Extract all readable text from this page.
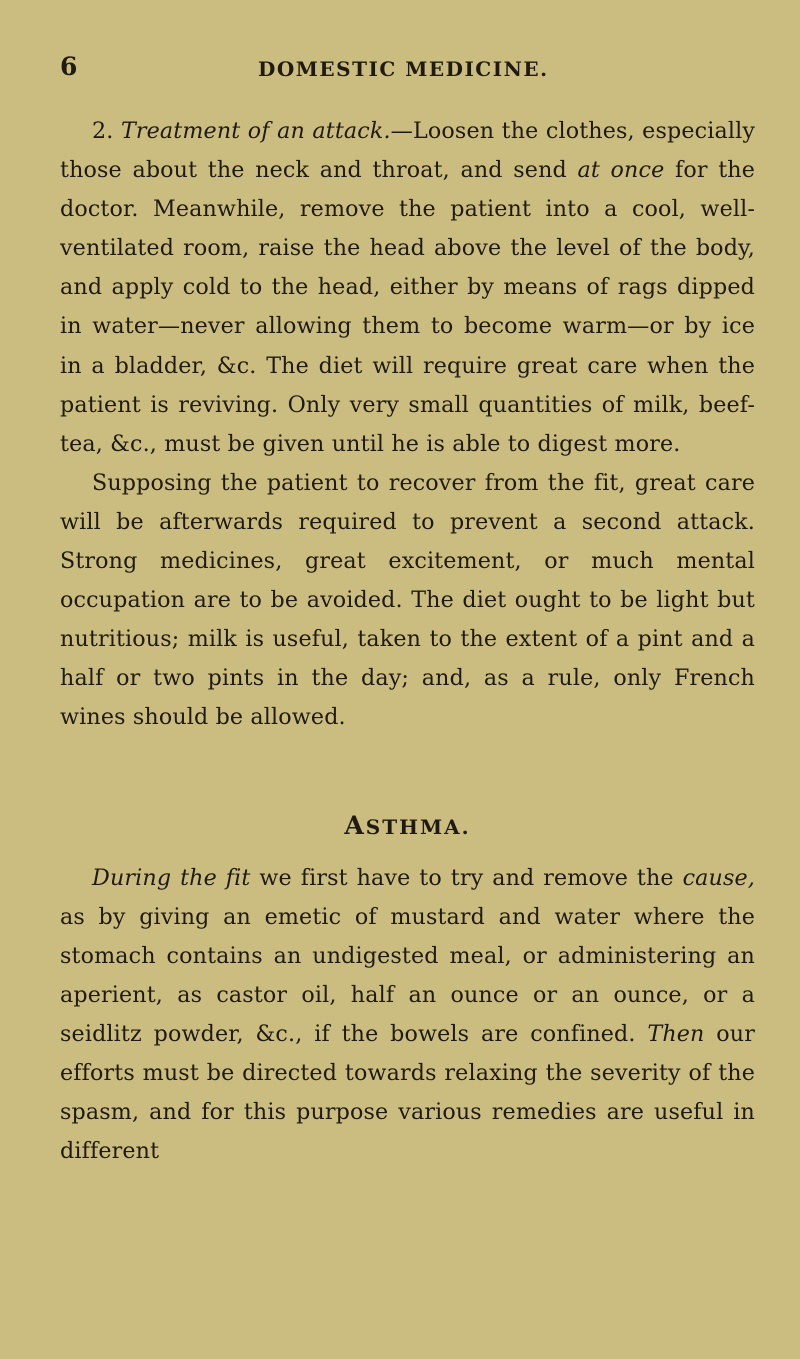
6	DOMESTIC MEDICINE.

2. Treatment of an attack.—Loosen the clothes, especially those about the neck and throat, and send at once for the doctor. Meanwhile, remove the patient into a cool, well-ventilated room, raise the head above the level of the body, and apply cold to the head, either by means of rags dipped in water—never allowing them to become warm—or by ice in a bladder, &c. The diet will require great care when the patient is reviving. Only very small quantities of milk, beef-tea, &c., must be given until he is able to digest more.

Supposing the patient to recover from the fit, great care will be afterwards required to prevent a second attack. Strong medicines, great excitement, or much mental occupation are to be avoided. The diet ought to be light but nutritious; milk is useful, taken to the extent of a pint and a half or two pints in the day; and, as a rule, only French wines should be allowed.

ASTHMA.

During the fit we first have to try and remove the cause, as by giving an emetic of mustard and water where the stomach contains an undigested meal, or administering an aperient, as castor oil, half an ounce or an ounce, or a seidlitz powder, &c., if the bowels are confined. Then our efforts must be directed towards relaxing the severity of the spasm, and for this purpose various remedies are useful in different
